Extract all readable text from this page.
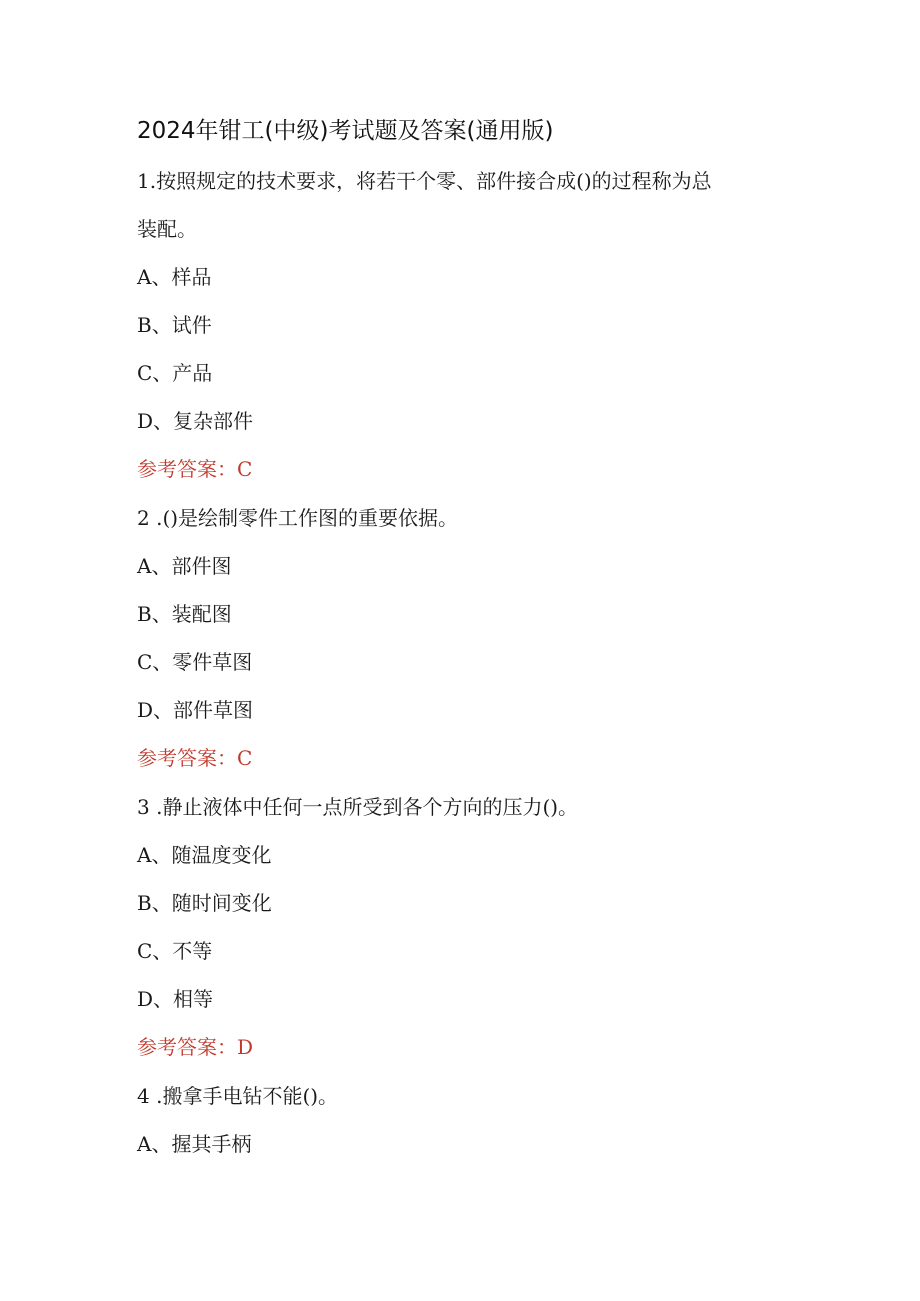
2024年钳工(中级)考试题及答案(通用版)
1.按照规定的技术要求，将若干个零、部件接合成()的过程称为总
装配。
A、样品
B、试件
C、产品
D、复杂部件
参考答案：C
2 .()是绘制零件工作图的重要依据。
A、部件图
B、装配图
C、零件草图
D、部件草图
参考答案：C
3 .静止液体中任何一点所受到各个方向的压力()。
A、随温度变化
B、随时间变化
C、不等
D、相等
参考答案：D
4 .搬拿手电钻不能()。
A、握其手柄
